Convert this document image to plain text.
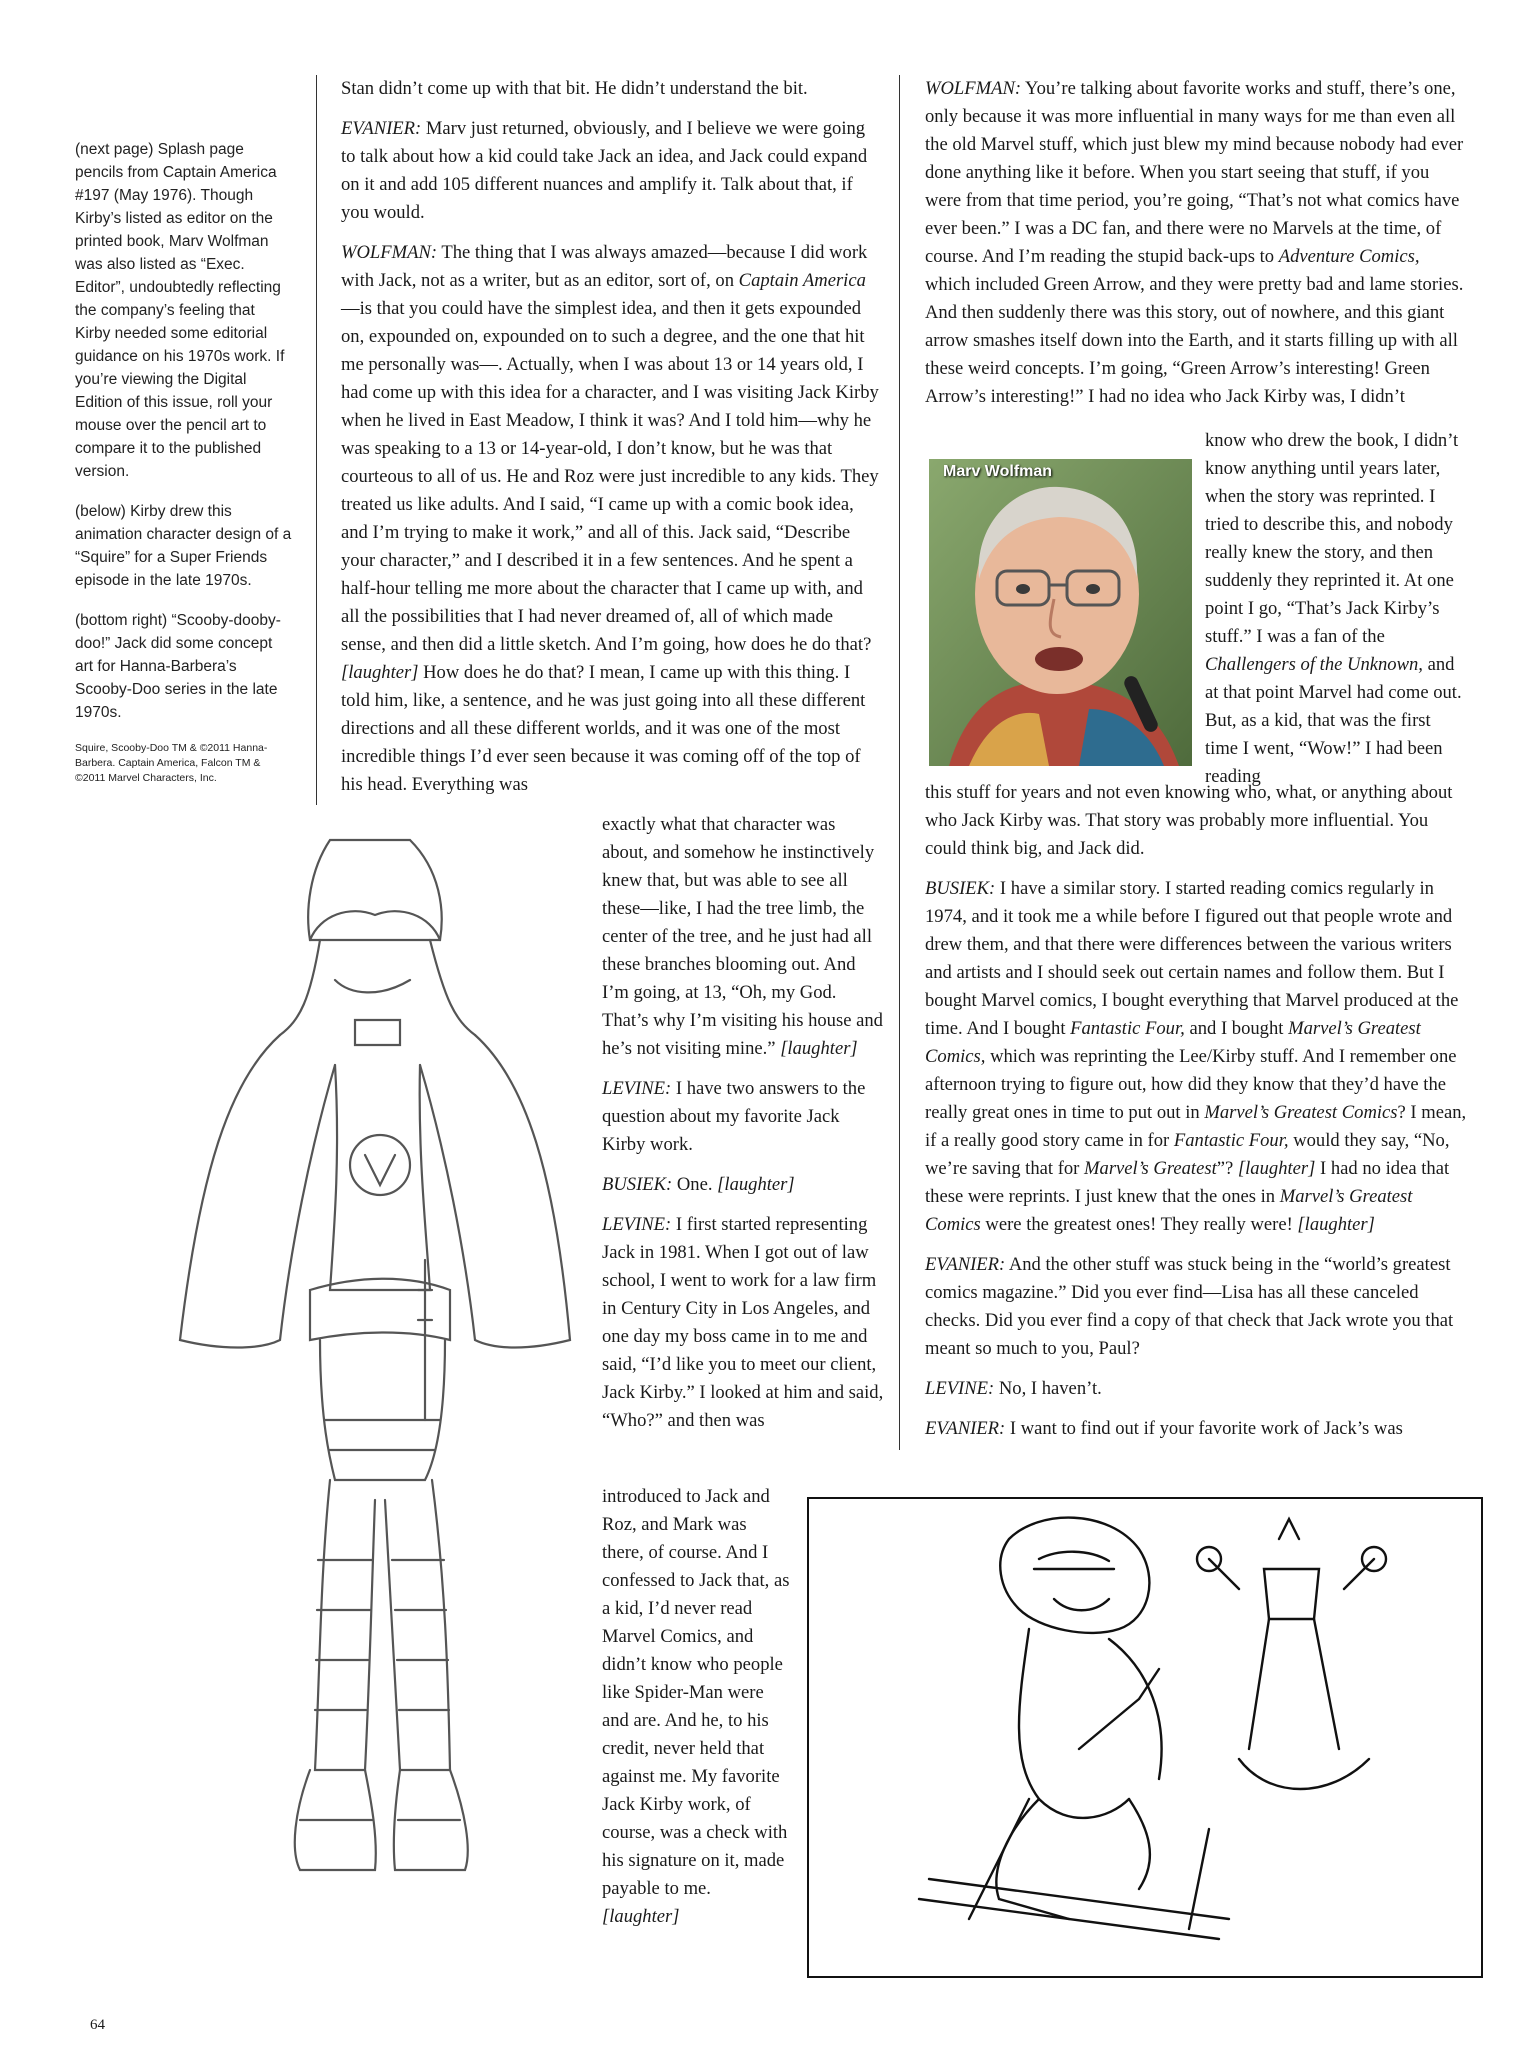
(next page) Splash page pencils from Captain America #197 (May 1976). Though Kirby’s listed as editor on the printed book, Marv Wolfman was also listed as “Exec. Editor”, undoubtedly reflecting the company’s feeling that Kirby needed some editorial guidance on his 1970s work. If you’re viewing the Digital Edition of this issue, roll your mouse over the pencil art to compare it to the published version.

(below) Kirby drew this animation character design of a “Squire” for a Super Friends episode in the late 1970s.

(bottom right) “Scooby-dooby-doo!” Jack did some concept art for Hanna-Barbera’s Scooby-Doo series in the late 1970s.

Squire, Scooby-Doo TM & ©2011 Hanna-Barbera. Captain America, Falcon TM & ©2011 Marvel Characters, Inc.

Stan didn’t come up with that bit. He didn’t understand the bit.

EVANIER: Marv just returned, obviously, and I believe we were going to talk about how a kid could take Jack an idea, and Jack could expand on it and add 105 different nuances and amplify it. Talk about that, if you would.

WOLFMAN: The thing that I was always amazed—because I did work with Jack, not as a writer, but as an editor, sort of, on Captain America—is that you could have the simplest idea, and then it gets expounded on, expounded on, expounded on to such a degree, and the one that hit me personally was—. Actually, when I was about 13 or 14 years old, I had come up with this idea for a character, and I was visiting Jack Kirby when he lived in East Meadow, I think it was? And I told him—why he was speaking to a 13 or 14-year-old, I don’t know, but he was that courteous to all of us. He and Roz were just incredible to any kids. They treated us like adults. And I said, “I came up with a comic book idea, and I’m trying to make it work,” and all of this. Jack said, “Describe your character,” and I described it in a few sentences. And he spent a half-hour telling me more about the character that I came up with, and all the possibilities that I had never dreamed of, all of which made sense, and then did a little sketch. And I’m going, how does he do that? [laughter] How does he do that? I mean, I came up with this thing. I told him, like, a sentence, and he was just going into all these different directions and all these different worlds, and it was one of the most incredible things I’d ever seen because it was coming off of the top of his head. Everything was

exactly what that character was about, and somehow he instinctively knew that, but was able to see all these—like, I had the tree limb, the center of the tree, and he just had all these branches blooming out. And I’m going, at 13, “Oh, my God. That’s why I’m visiting his house and he’s not visiting mine.” [laughter]

LEVINE: I have two answers to the question about my favorite Jack Kirby work.

BUSIEK: One. [laughter]

LEVINE: I first started representing Jack in 1981. When I got out of law school, I went to work for a law firm in Century City in Los Angeles, and one day my boss came in to me and said, “I’d like you to meet our client, Jack Kirby.” I looked at him and said, “Who?” and then was

introduced to Jack and Roz, and Mark was there, of course. And I confessed to Jack that, as a kid, I’d never read Marvel Comics, and didn’t know who people like Spider-Man were and are. And he, to his credit, never held that against me. My favorite Jack Kirby work, of course, was a check with his signature on it, made payable to me. [laughter]

WOLFMAN: You’re talking about favorite works and stuff, there’s one, only because it was more influential in many ways for me than even all the old Marvel stuff, which just blew my mind because nobody had ever done anything like it before. When you start seeing that stuff, if you were from that time period, you’re going, “That’s not what comics have ever been.” I was a DC fan, and there were no Marvels at the time, of course. And I’m reading the stupid back-ups to Adventure Comics, which included Green Arrow, and they were pretty bad and lame stories. And then suddenly there was this story, out of nowhere, and this giant arrow smashes itself down into the Earth, and it starts filling up with all these weird concepts. I’m going, “Green Arrow’s interesting! Green Arrow’s interesting!” I had no idea who Jack Kirby was, I didn’t

Marv Wolfman

know who drew the book, I didn’t know anything until years later, when the story was reprinted. I tried to describe this, and nobody really knew the story, and then suddenly they reprinted it. At one point I go, “That’s Jack Kirby’s stuff.” I was a fan of the Challengers of the Unknown, and at that point Marvel had come out. But, as a kid, that was the first time I went, “Wow!” I had been reading

this stuff for years and not even knowing who, what, or anything about who Jack Kirby was. That story was probably more influential. You could think big, and Jack did.

BUSIEK: I have a similar story. I started reading comics regularly in 1974, and it took me a while before I figured out that people wrote and drew them, and that there were differences between the various writers and artists and I should seek out certain names and follow them. But I bought Marvel comics, I bought everything that Marvel produced at the time. And I bought Fantastic Four, and I bought Marvel’s Greatest Comics, which was reprinting the Lee/Kirby stuff. And I remember one afternoon trying to figure out, how did they know that they’d have the really great ones in time to put out in Marvel’s Greatest Comics? I mean, if a really good story came in for Fantastic Four, would they say, “No, we’re saving that for Marvel’s Greatest”? [laughter] I had no idea that these were reprints. I just knew that the ones in Marvel’s Greatest Comics were the greatest ones! They really were! [laughter]

EVANIER: And the other stuff was stuck being in the “world’s greatest comics magazine.” Did you ever find—Lisa has all these canceled checks. Did you ever find a copy of that check that Jack wrote you that meant so much to you, Paul?

LEVINE: No, I haven’t.

EVANIER: I want to find out if your favorite work of Jack’s was

64
